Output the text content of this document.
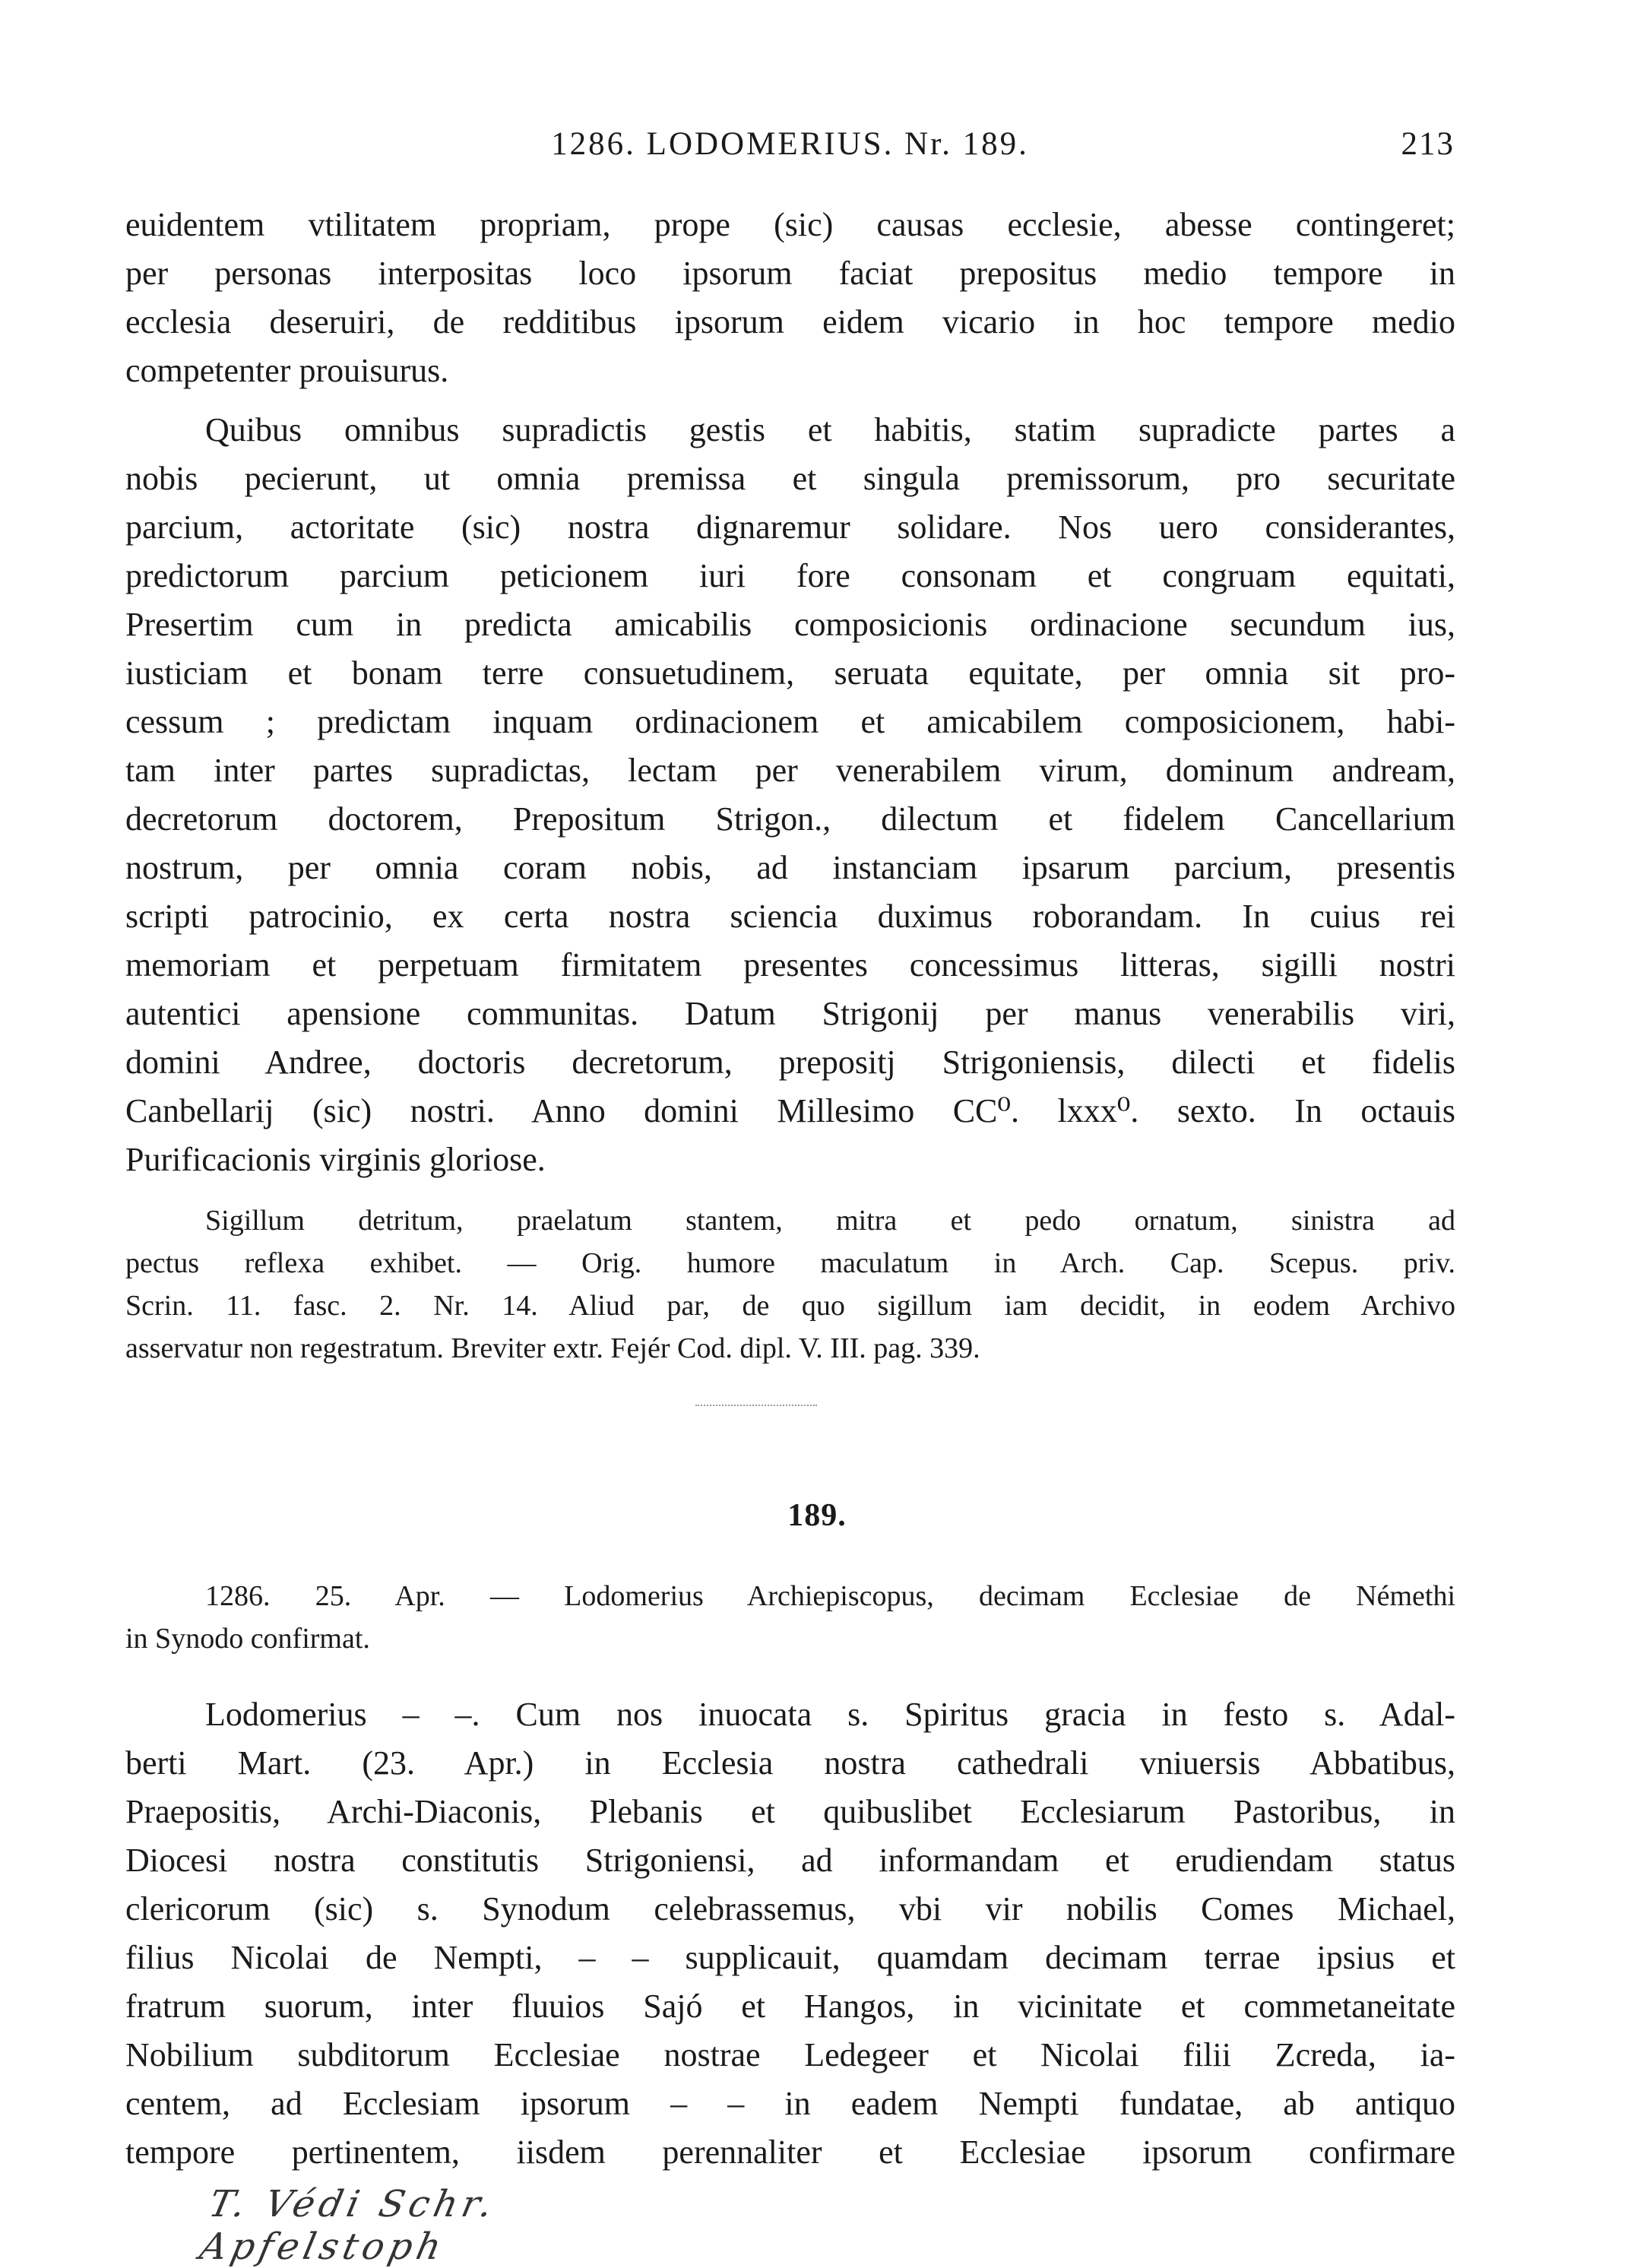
1286. LODOMERIUS. Nr. 189.	213
euidentem vtilitatem propriam, prope (sic) causas ecclesie, abesse contingeret;
per personas interpositas loco ipsorum faciat prepositus medio tempore in
ecclesia deseruiri, de redditibus ipsorum eidem vicario in hoc tempore medio
competenter prouisurus.
Quibus omnibus supradictis gestis et habitis, statim supradicte partes a
nobis pecierunt, ut omnia premissa et singula premissorum, pro securitate
parcium, actoritate (sic) nostra dignaremur solidare. Nos uero considerantes,
predictorum parcium peticionem iuri fore consonam et congruam equitati,
Presertim cum in predicta amicabilis composicionis ordinacione secundum ius,
iusticiam et bonam terre consuetudinem, seruata equitate, per omnia sit pro-
cessum ; predictam inquam ordinacionem et amicabilem composicionem, habi-
tam inter partes supradictas, lectam per venerabilem virum, dominum andream,
decretorum doctorem, Prepositum Strigon., dilectum et fidelem Cancellarium
nostrum, per omnia coram nobis, ad instanciam ipsarum parcium, presentis
scripti patrocinio, ex certa nostra sciencia duximus roborandam. In cuius rei
memoriam et perpetuam firmitatem presentes concessimus litteras, sigilli nostri
autentici apensione communitas. Datum Strigonij per manus venerabilis viri,
domini Andree, doctoris decretorum, prepositj Strigoniensis, dilecti et fidelis
Canbellarij (sic) nostri. Anno domini Millesimo CC⁰. lxxx⁰. sexto. In octauis
Purificacionis virginis gloriose.
Sigillum detritum, praelatum stantem, mitra et pedo ornatum, sinistra ad
pectus reflexa exhibet. — Orig. humore maculatum in Arch. Cap. Scepus. priv.
Scrin. 11. fasc. 2. Nr. 14. Aliud par, de quo sigillum iam decidit, in eodem Archivo
asservatur non regestratum. Breviter extr. Fejér Cod. dipl. V. III. pag. 339.
189.
1286. 25. Apr. — Lodomerius Archiepiscopus, decimam Ecclesiae de Némethi
in Synodo confirmat.
Lodomerius – –. Cum nos inuocata s. Spiritus gracia in festo s. Adal-
berti Mart. (23. Apr.) in Ecclesia nostra cathedrali vniuersis Abbatibus,
Praepositis, Archi-Diaconis, Plebanis et quibuslibet Ecclesiarum Pastoribus, in
Diocesi nostra constitutis Strigoniensi, ad informandam et erudiendam status
clericorum (sic) s. Synodum celebrassemus, vbi vir nobilis Comes Michael,
filius Nicolai de Nempti, – – supplicauit, quamdam decimam terrae ipsius et
fratrum suorum, inter fluuios Sajó et Hangos, in vicinitate et commetaneitate
Nobilium subditorum Ecclesiae nostrae Ledegeer et Nicolai filii Zcreda, ia-
centem, ad Ecclesiam ipsorum – – in eadem Nempti fundatae, ab antiquo
tempore pertinentem, iisdem perennaliter et Ecclesiae ipsorum confirmare
T. Védi Schr. Apfelstoph
